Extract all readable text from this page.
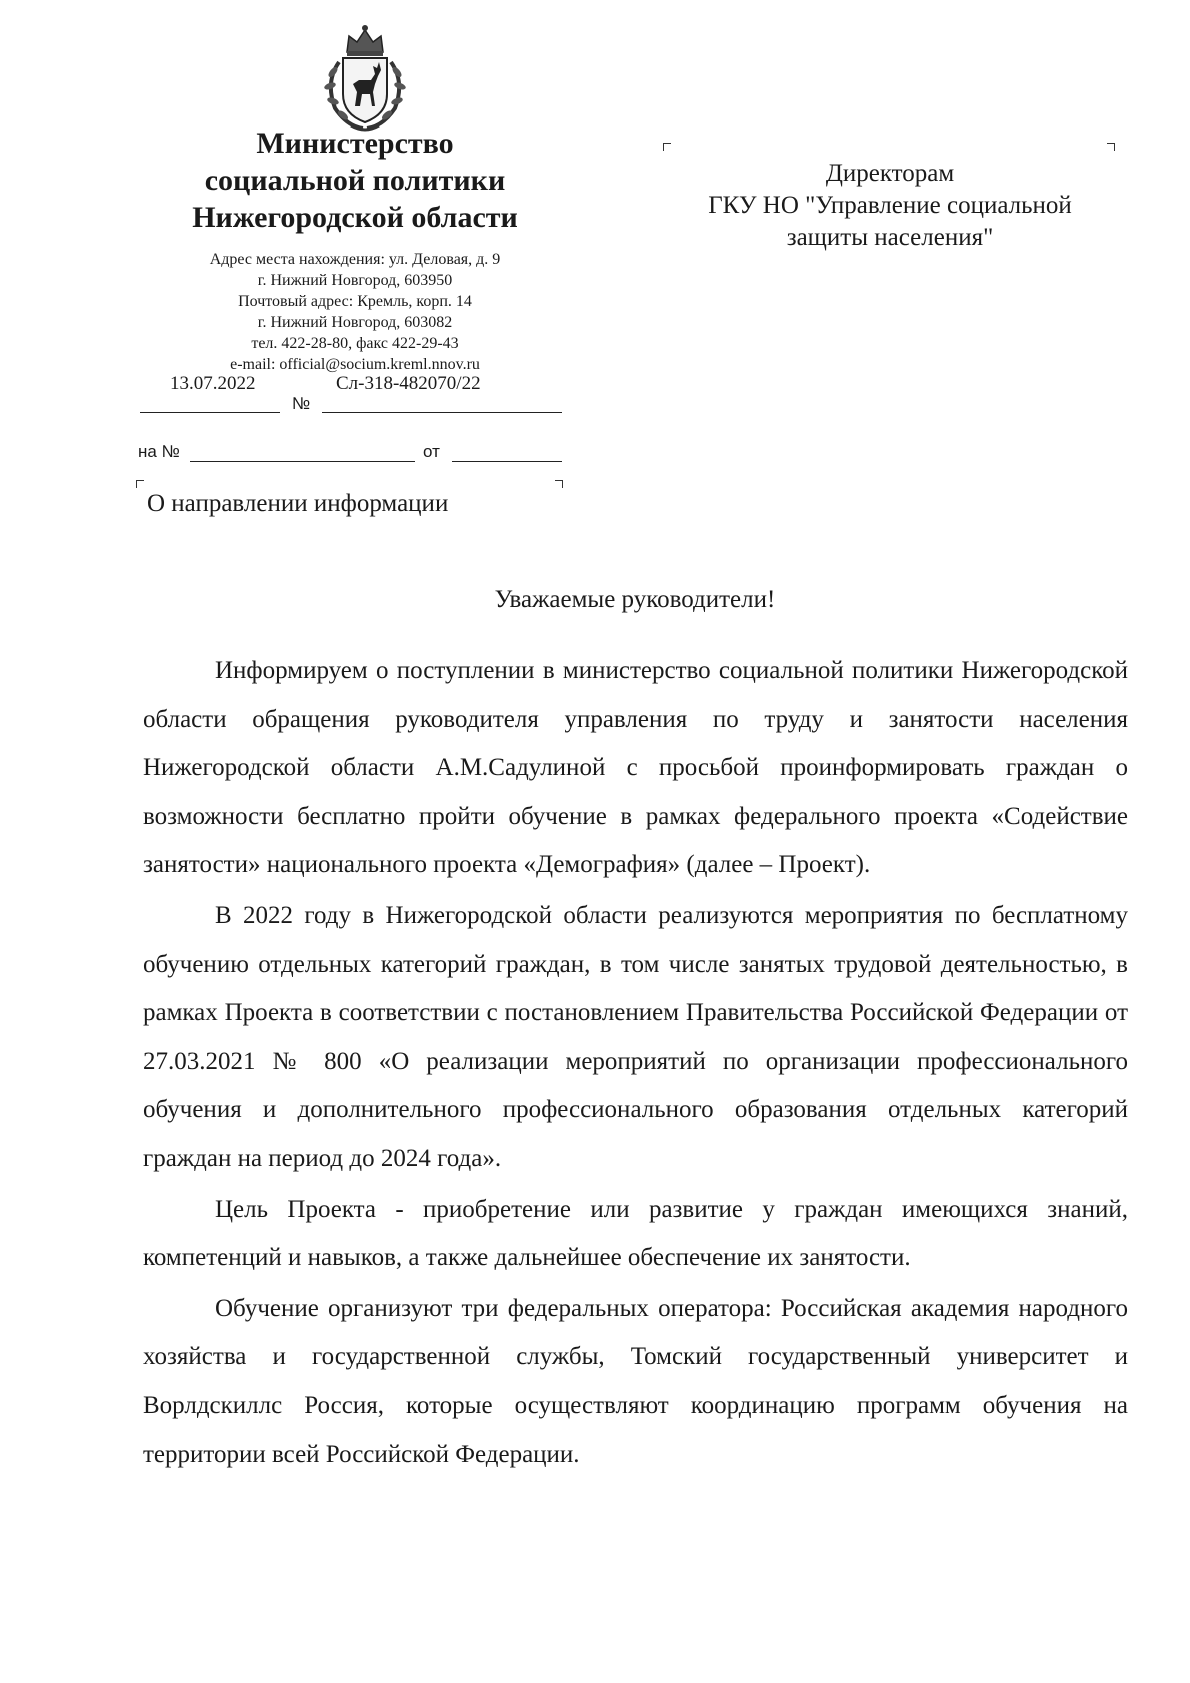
Министерство
социальной политики
Нижегородской области
Адрес места нахождения: ул. Деловая, д. 9
г. Нижний Новгород, 603950
Почтовый адрес: Кремль, корп. 14
г. Нижний Новгород, 603082
тел. 422-28-80, факс 422-29-43
e-mail: official@socium.kreml.nnov.ru
13.07.2022	Сл-318-482070/22
№
на №	от
О направлении информации
Директорам
ГКУ НО "Управление социальной
защиты населения"
Уважаемые руководители!

Информируем о поступлении в министерство социальной политики Нижегородской области обращения руководителя управления по труду и занятости населения Нижегородской области А.М.Садулиной с просьбой проинформировать граждан о возможности бесплатно пройти обучение в рамках федерального проекта «Содействие занятости» национального проекта «Демография» (далее – Проект).

В 2022 году в Нижегородской области реализуются мероприятия по бесплатному обучению отдельных категорий граждан, в том числе занятых трудовой деятельностью, в рамках Проекта в соответствии с постановлением Правительства Российской Федерации от 27.03.2021 № 800 «О реализации мероприятий по организации профессионального обучения и дополнительного профессионального образования отдельных категорий граждан на период до 2024 года».

Цель Проекта - приобретение или развитие у граждан имеющихся знаний, компетенций и навыков, а также дальнейшее обеспечение их занятости.

Обучение организуют три федеральных оператора: Российская академия народного хозяйства и государственной службы, Томский государственный университет и Ворлдскиллс Россия, которые осуществляют координацию программ обучения на территории всей Российской Федерации.
